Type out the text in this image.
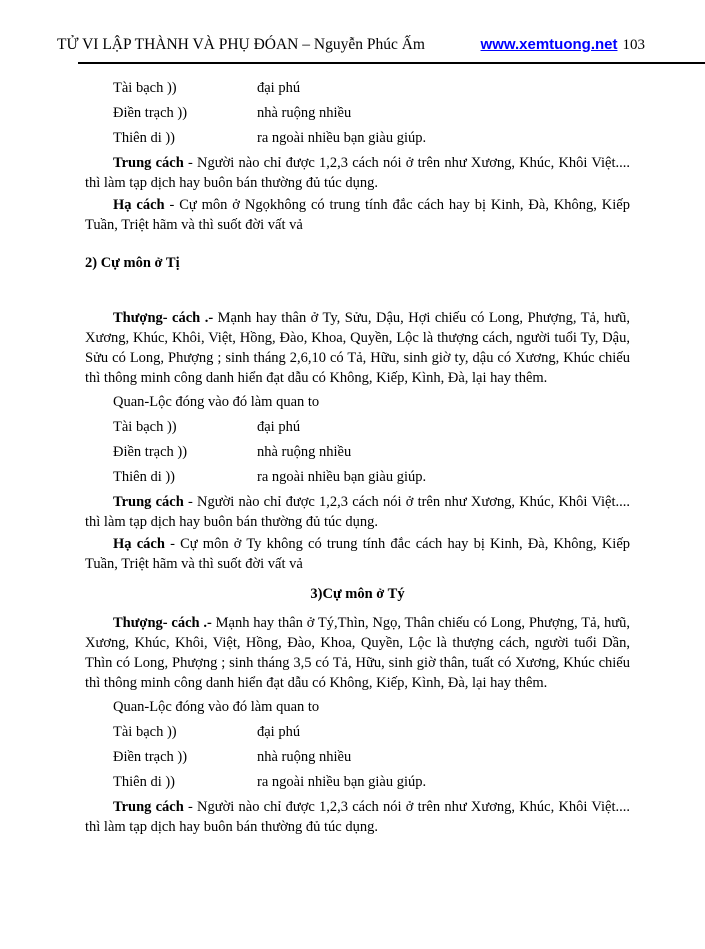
TỬ VI LẬP THÀNH VÀ PHỤ ĐÓAN – Nguyễn Phúc Ấm	www.xemtuong.net 103
Tài bạch ))	đại phú
Điền trạch ))	nhà ruộng nhiều
Thiên di ))	ra ngoài nhiều bạn giàu giúp.

Trung cách - Người nào chỉ được 1,2,3 cách nói ở trên như Xương, Khúc, Khôi Việt.... thì làm tạp dịch hay buôn bán thường đủ túc dụng.

Hạ cách - Cự môn ở Ngọkhông có trung tính đắc cách hay bị Kinh, Đà, Không, Kiếp Tuần, Triệt hãm và thì suốt đời vất vả

2) Cự môn ở Tị

Thượng- cách .- Mạnh hay thân ở Ty, Sửu, Dậu, Hợi chiếu có Long, Phượng, Tả, hưũ, Xương, Khúc, Khôi, Việt, Hồng, Đào, Khoa, Quyền, Lộc là thượng cách, người tuổi Ty, Dậu, Sửu có Long, Phượng ; sinh tháng 2,6,10 có Tả, Hữu, sinh giờ ty, dậu có Xương, Khúc chiếu thì thông minh công danh hiển đạt dẫu có Không, Kiếp, Kình, Đà, lại hay thêm.

Quan-Lộc đóng vào đó làm quan to
Tài bạch ))	đại phú
Điền trạch ))	nhà ruộng nhiều
Thiên di ))	ra ngoài nhiều bạn giàu giúp.

Trung cách - Người nào chỉ được 1,2,3 cách nói ở trên như Xương, Khúc, Khôi Việt.... thì làm tạp dịch hay buôn bán thường đủ túc dụng.

Hạ cách - Cự môn ở Ty không có trung tính đắc cách hay bị Kinh, Đà, Không, Kiếp Tuần, Triệt hãm và thì suốt đời vất vả

3)Cự môn ở Tý

Thượng- cách .- Mạnh hay thân ở Tý,Thìn, Ngọ, Thân chiếu có Long, Phượng, Tả, hưũ, Xương, Khúc, Khôi, Việt, Hồng, Đào, Khoa, Quyền, Lộc là thượng cách, người tuổi Dần, Thìn có Long, Phượng ; sinh tháng 3,5 có Tả, Hữu, sinh giờ thân, tuất có Xương, Khúc chiếu thì thông minh công danh hiển đạt dẫu có Không, Kiếp, Kình, Đà, lại hay thêm.

Quan-Lộc đóng vào đó làm quan to
Tài bạch ))	đại phú
Điền trạch ))	nhà ruộng nhiều
Thiên di ))	ra ngoài nhiều bạn giàu giúp.

Trung cách - Người nào chỉ được 1,2,3 cách nói ở trên như Xương, Khúc, Khôi Việt.... thì làm tạp dịch hay buôn bán thường đủ túc dụng.
